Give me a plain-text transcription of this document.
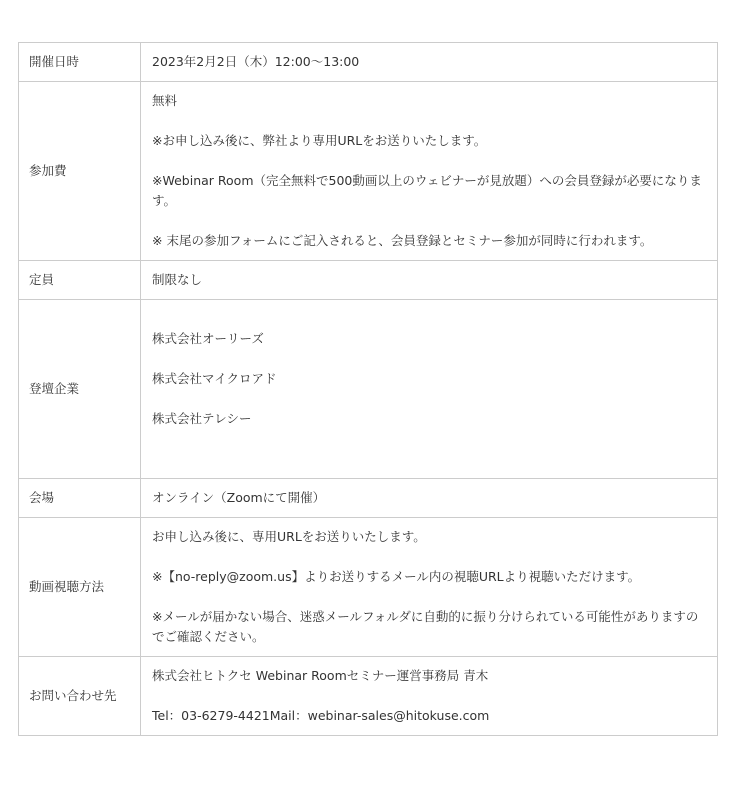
開催日時	2023年2月2日（木）12:00〜13:00

参加費	無料

※お申し込み後に、弊社より専用URLをお送りいたします。

※Webinar Room（完全無料で500動画以上のウェビナーが見放題）への会員登録が必要になります。

※ 末尾の参加フォームにご記入されると、会員登録とセミナー参加が同時に行われます。

定員	制限なし

登壇企業	株式会社オーリーズ

株式会社マイクロアド

株式会社テレシー

会場	オンライン（Zoomにて開催）

動画視聴方法	お申し込み後に、専用URLをお送りいたします。

※【no-reply@zoom.us】よりお送りするメール内の視聴URLより視聴いただけます。

※メールが届かない場合、迷惑メールフォルダに自動的に振り分けられている可能性がありますのでご確認ください。

お問い合わせ先	株式会社ヒトクセ Webinar Roomセミナー運営事務局 青木

Tel：03-6279-4421Mail：webinar-sales@hitokuse.com
